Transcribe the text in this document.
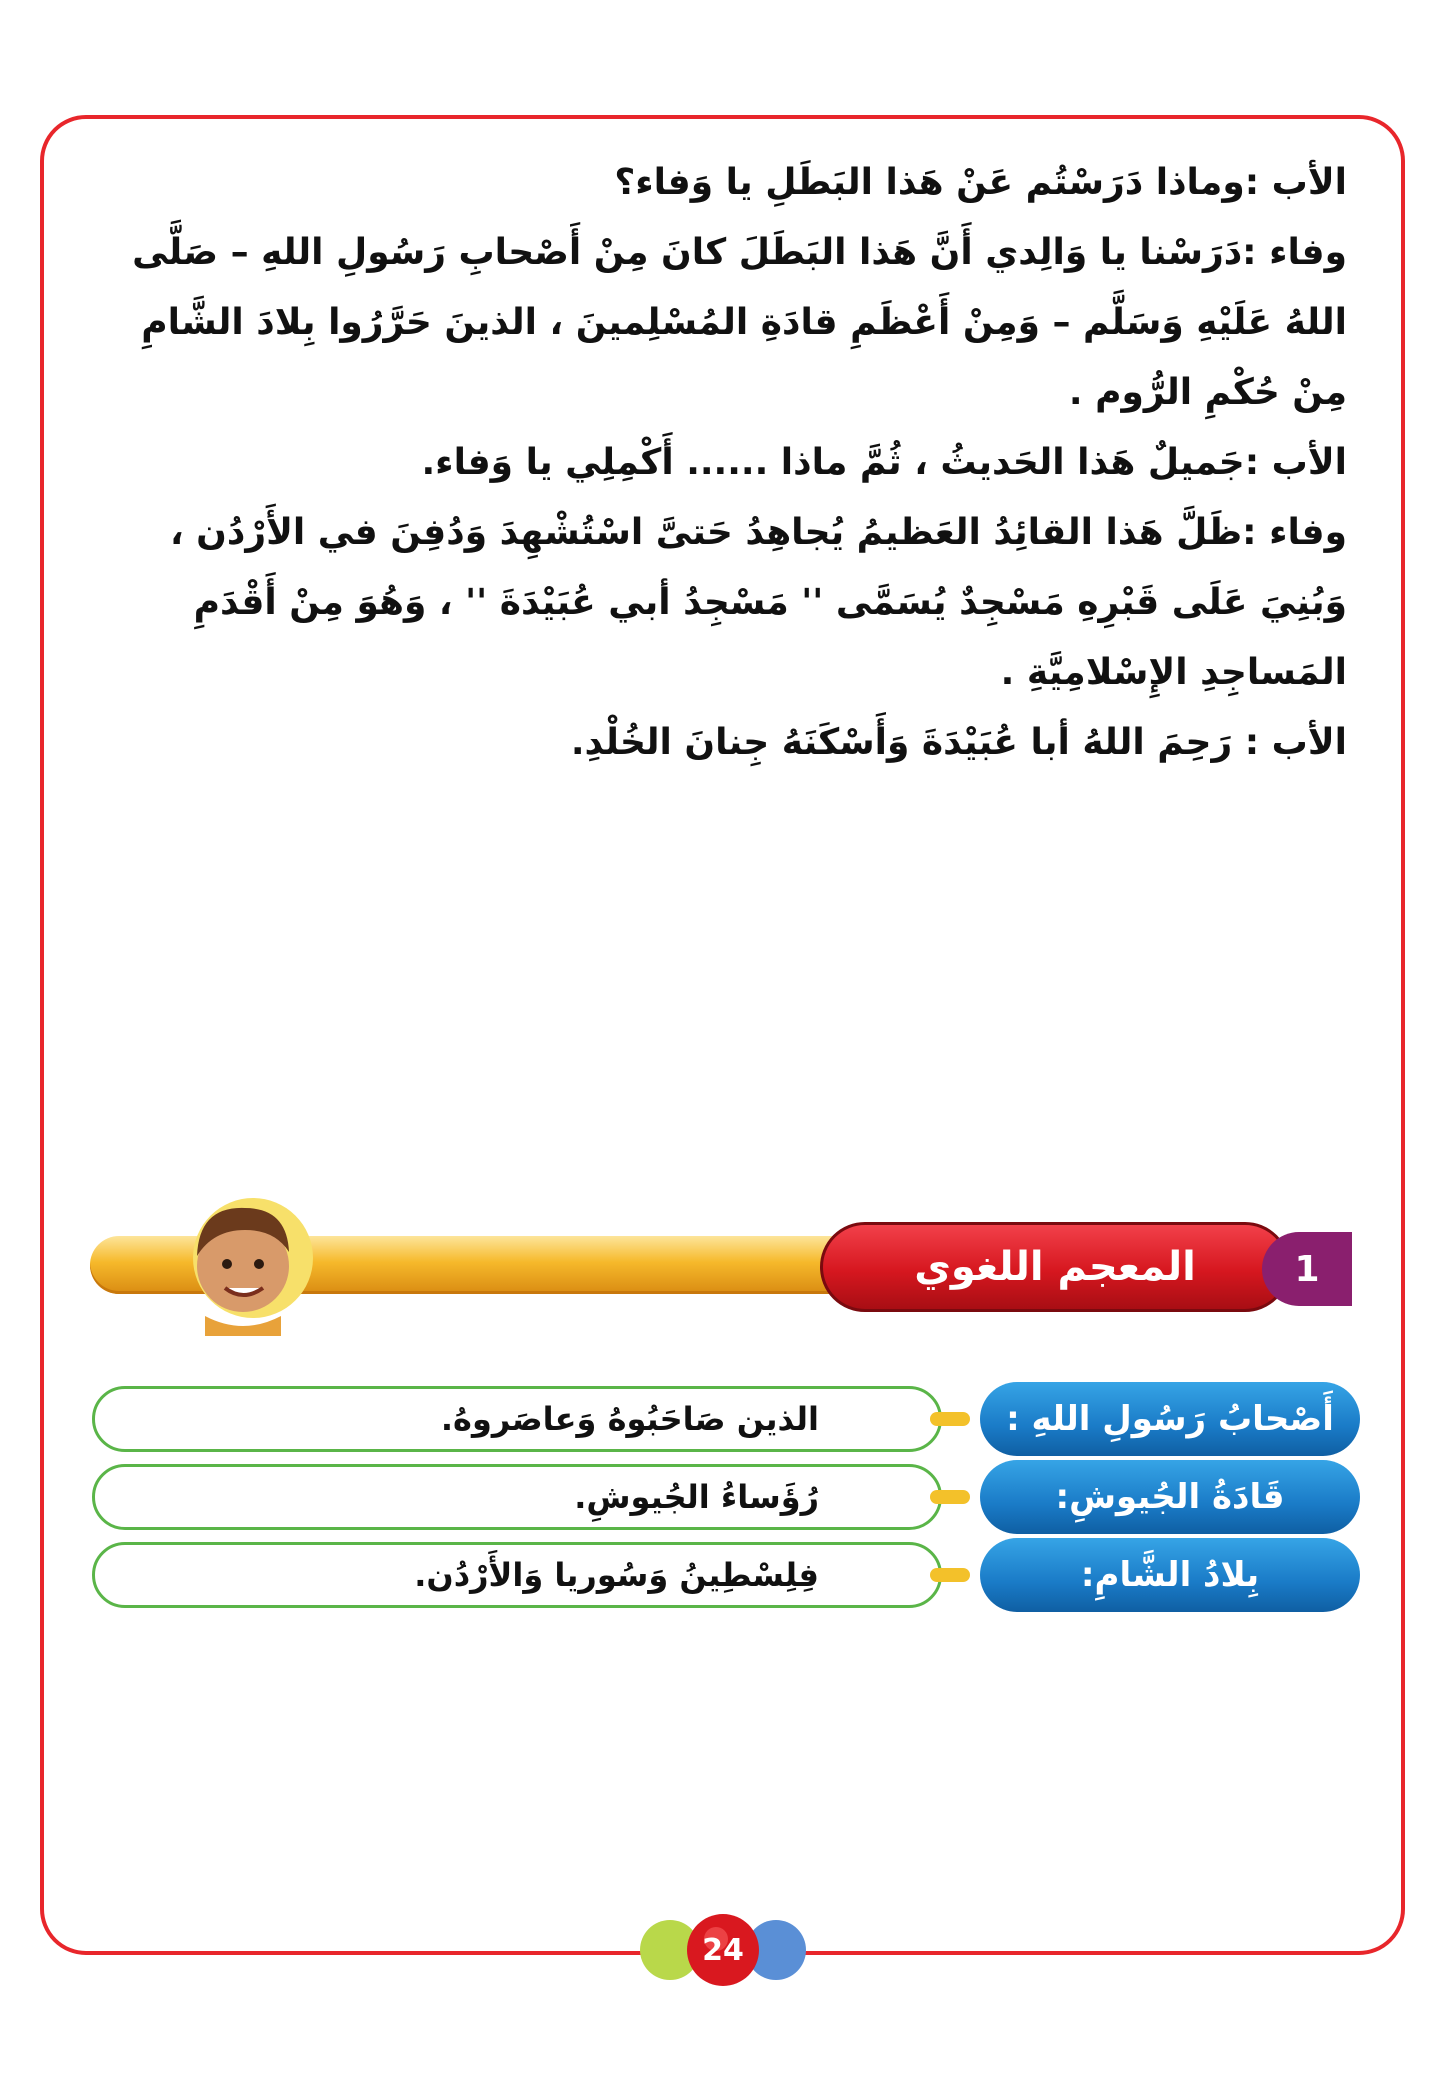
الأب :وماذا دَرَسْتُم عَنْ هَذا البَطَلِ يا وَفاء؟
وفاء :دَرَسْنا يا وَالِدي أَنَّ هَذا البَطَلَ كانَ مِنْ أَصْحابِ رَسُولِ اللهِ – صَلَّى اللهُ عَلَيْهِ وَسَلَّم – وَمِنْ أَعْظَمِ قادَةِ المُسْلِمينَ ، الذينَ حَرَّرُوا بِلادَ الشَّامِ مِنْ حُكْمِ الرُّوم .
الأب :جَميلٌ هَذا الحَديثُ ، ثُمَّ ماذا ...... أَكْمِلِي يا وَفاء.
وفاء :ظَلَّ هَذا القائِدُ العَظيمُ يُجاهِدُ حَتىَّ اسْتُشْهِدَ وَدُفِنَ في الأَرْدُن ، وَبُنِيَ عَلَى قَبْرِهِ مَسْجِدٌ يُسَمَّى '' مَسْجِدُ أبي عُبَيْدَةَ '' ، وَهُوَ مِنْ أَقْدَمِ المَساجِدِ الإِسْلامِيَّةِ .
الأب : رَحِمَ اللهُ أبا عُبَيْدَةَ وَأَسْكَنَهُ جِنانَ الخُلْدِ.
المعجم اللغوي	1
الذين صَاحَبُوهُ وَعاصَروهُ.	أَصْحابُ رَسُولِ اللهِ :
رُؤَساءُ الجُيوشِ.	قَادَةُ الجُيوشِ:
فِلِسْطِينُ وَسُوريا وَالأَرْدُن.	بِلادُ الشَّامِ:
24
